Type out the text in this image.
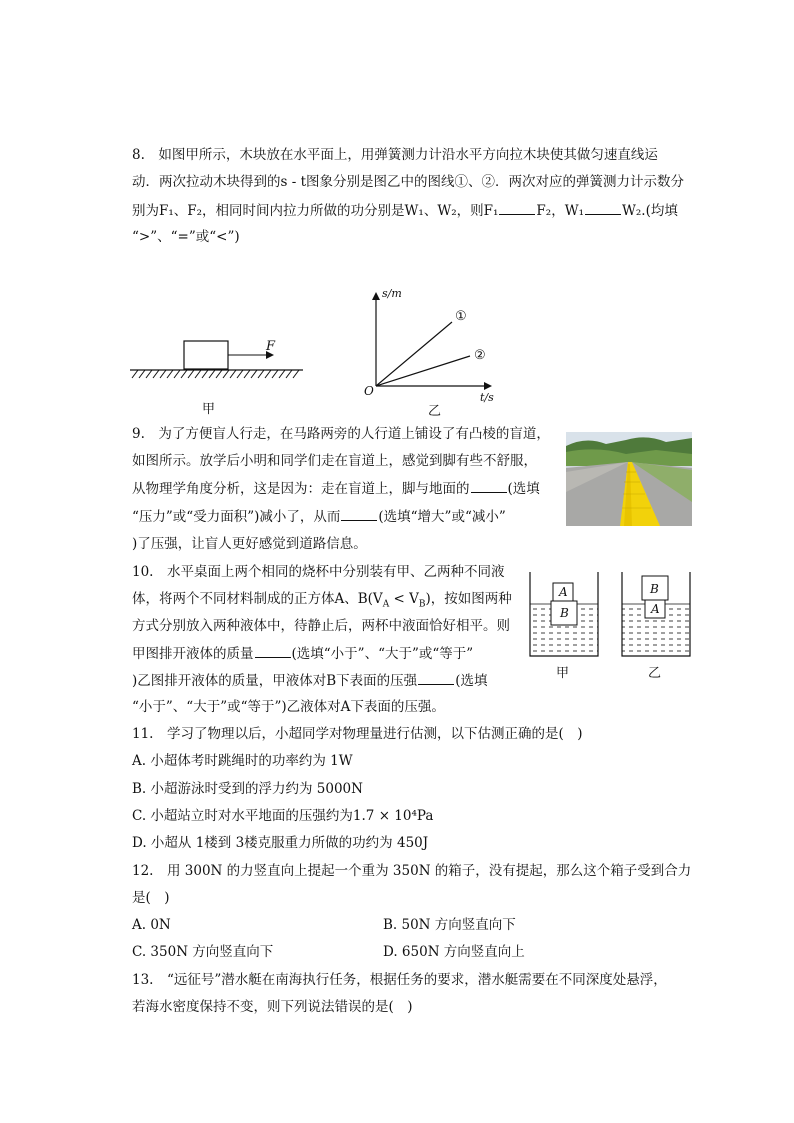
8.　如图甲所示，木块放在水平面上，用弹簧测力计沿水平方向拉木块使其做匀速直线运
动．两次拉动木块得到的s - t图象分别是图乙中的图线①、②．两次对应的弹簧测力计示数分
别为F₁、F₂，相同时间内拉力所做的功分别是W₁、W₂，则F₁	F₂，W₁	W₂.(均填
“>”、“=”或“<”)
F
甲
s/m
t/s
O
①
②
乙
9.　为了方便盲人行走，在马路两旁的人行道上铺设了有凸棱的盲道，
如图所示。放学后小明和同学们走在盲道上，感觉到脚有些不舒服，
从物理学角度分析，这是因为：走在盲道上，脚与地面的	(选填
“压力”或“受力面积”)减小了，从而	(选填“增大”或“减小”
)了压强，让盲人更好感觉到道路信息。
10.　水平桌面上两个相同的烧杯中分别装有甲、乙两种不同液
体，将两个不同材料制成的正方体A、$B(V_A < V_B)$，按如图两种
方式分别放入两种液体中，待静止后，两杯中液面恰好相平。则
甲图排开液体的质量	(选填“小于”、“大于”或“等于”
)乙图排开液体的质量，甲液体对B下表面的压强	(选填
“小于”、“大于”或“等于”)乙液体对A下表面的压强。
A
B
B
A
甲	乙
11.　学习了物理以后，小超同学对物理量进行估测，以下估测正确的是(　)
A. 小超体考时跳绳时的功率约为 1W
B. 小超游泳时受到的浮力约为 5000N
C. 小超站立时对水平地面的压强约为1.7 × 10⁴Pa
D. 小超从 1楼到 3楼克服重力所做的功约为 450J
12.　用 300N 的力竖直向上提起一个重为 350N 的箱子，没有提起，那么这个箱子受到合力
是(　)
A. 0N	B. 50N 方向竖直向下
C. 350N 方向竖直向下	D. 650N 方向竖直向上
13.　“远征号”潜水艇在南海执行任务，根据任务的要求，潜水艇需要在不同深度处悬浮，
若海水密度保持不变，则下列说法错误的是(　)
